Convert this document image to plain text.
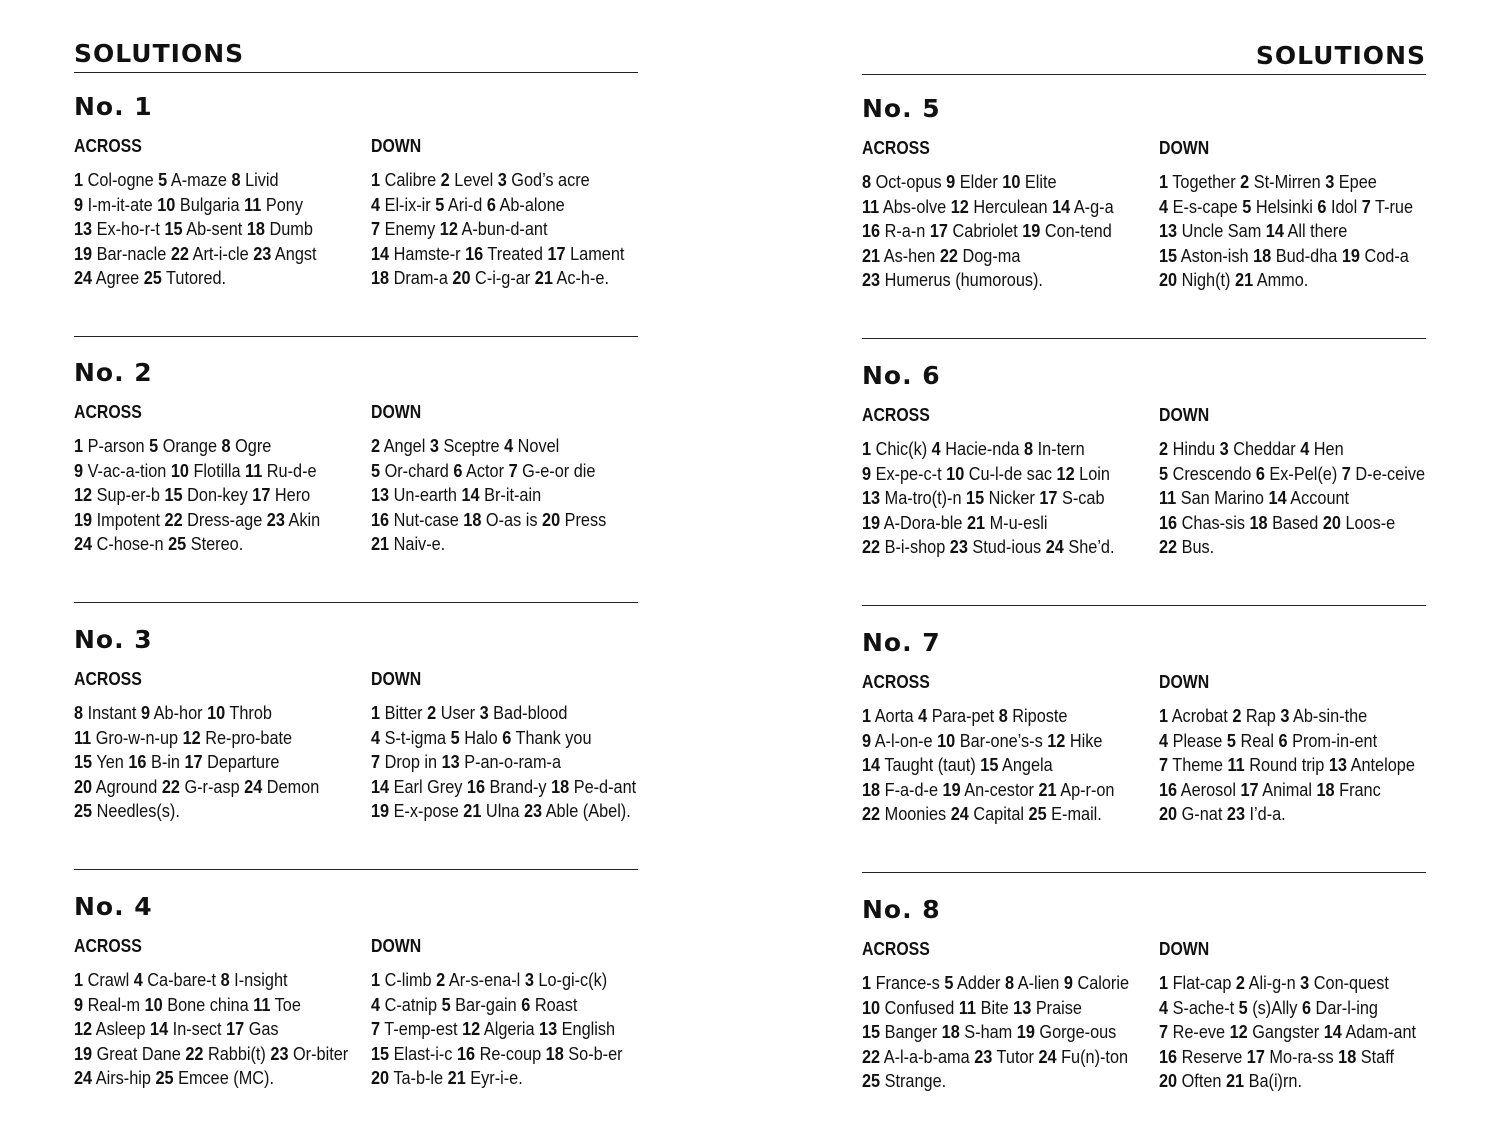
SOLUTIONS
No. 1
ACROSS
1 Col-ogne 5 A-maze 8 Livid
9 I-m-it-ate 10 Bulgaria 11 Pony
13 Ex-ho-r-t 15 Ab-sent 18 Dumb
19 Bar-nacle 22 Art-i-cle 23 Angst
24 Agree 25 Tutored.
DOWN
1 Calibre 2 Level 3 God’s acre
4 El-ix-ir 5 Ari-d 6 Ab-alone
7 Enemy 12 A-bun-d-ant
14 Hamste-r 16 Treated 17 Lament
18 Dram-a 20 C-i-g-ar 21 Ac-h-e.
No. 2
ACROSS
1 P-arson 5 Orange 8 Ogre
9 V-ac-a-tion 10 Flotilla 11 Ru-d-e
12 Sup-er-b 15 Don-key 17 Hero
19 Impotent 22 Dress-age 23 Akin
24 C-hose-n 25 Stereo.
DOWN
2 Angel 3 Sceptre 4 Novel
5 Or-chard 6 Actor 7 G-e-or die
13 Un-earth 14 Br-it-ain
16 Nut-case 18 O-as is 20 Press
21 Naiv-e.
No. 3
ACROSS
8 Instant 9 Ab-hor 10 Throb
11 Gro-w-n-up 12 Re-pro-bate
15 Yen 16 B-in 17 Departure
20 Aground 22 G-r-asp 24 Demon
25 Needles(s).
DOWN
1 Bitter 2 User 3 Bad-blood
4 S-t-igma 5 Halo 6 Thank you
7 Drop in 13 P-an-o-ram-a
14 Earl Grey 16 Brand-y 18 Pe-d-ant
19 E-x-pose 21 Ulna 23 Able (Abel).
No. 4
ACROSS
1 Crawl 4 Ca-bare-t 8 I-nsight
9 Real-m 10 Bone china 11 Toe
12 Asleep 14 In-sect 17 Gas
19 Great Dane 22 Rabbi(t) 23 Or-biter
24 Airs-hip 25 Emcee (MC).
DOWN
1 C-limb 2 Ar-s-ena-l 3 Lo-gi-c(k)
4 C-atnip 5 Bar-gain 6 Roast
7 T-emp-est 12 Algeria 13 English
15 Elast-i-c 16 Re-coup 18 So-b-er
20 Ta-b-le 21 Eyr-i-e.
SOLUTIONS
No. 5
ACROSS
8 Oct-opus 9 Elder 10 Elite
11 Abs-olve 12 Herculean 14 A-g-a
16 R-a-n 17 Cabriolet 19 Con-tend
21 As-hen 22 Dog-ma
23 Humerus (humorous).
DOWN
1 Together 2 St-Mirren 3 Epee
4 E-s-cape 5 Helsinki 6 Idol 7 T-rue
13 Uncle Sam 14 All there
15 Aston-ish 18 Bud-dha 19 Cod-a
20 Nigh(t) 21 Ammo.
No. 6
ACROSS
1 Chic(k) 4 Hacie-nda 8 In-tern
9 Ex-pe-c-t 10 Cu-l-de sac 12 Loin
13 Ma-tro(t)-n 15 Nicker 17 S-cab
19 A-Dora-ble 21 M-u-esli
22 B-i-shop 23 Stud-ious 24 She’d.
DOWN
2 Hindu 3 Cheddar 4 Hen
5 Crescendo 6 Ex-Pel(e) 7 D-e-ceive
11 San Marino 14 Account
16 Chas-sis 18 Based 20 Loos-e
22 Bus.
No. 7
ACROSS
1 Aorta 4 Para-pet 8 Riposte
9 A-l-on-e 10 Bar-one’s-s 12 Hike
14 Taught (taut) 15 Angela
18 F-a-d-e 19 An-cestor 21 Ap-r-on
22 Moonies 24 Capital 25 E-mail.
DOWN
1 Acrobat 2 Rap 3 Ab-sin-the
4 Please 5 Real 6 Prom-in-ent
7 Theme 11 Round trip 13 Antelope
16 Aerosol 17 Animal 18 Franc
20 G-nat 23 I’d-a.
No. 8
ACROSS
1 France-s 5 Adder 8 A-lien 9 Calorie
10 Confused 11 Bite 13 Praise
15 Banger 18 S-ham 19 Gorge-ous
22 A-l-a-b-ama 23 Tutor 24 Fu(n)-ton
25 Strange.
DOWN
1 Flat-cap 2 Ali-g-n 3 Con-quest
4 S-ache-t 5 (s)Ally 6 Dar-l-ing
7 Re-eve 12 Gangster 14 Adam-ant
16 Reserve 17 Mo-ra-ss 18 Staff
20 Often 21 Ba(i)rn.
